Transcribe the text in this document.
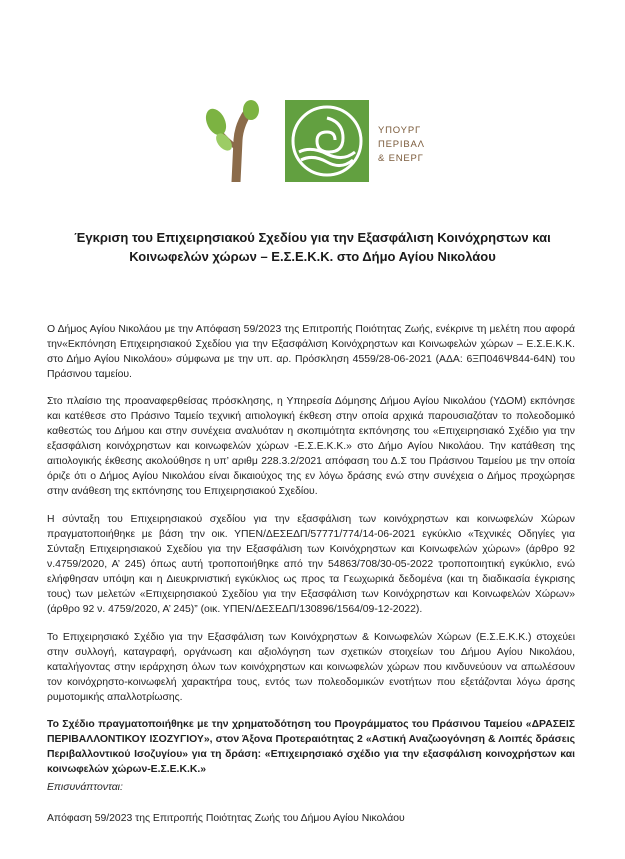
ΥΠΟΥΡΓ
ΠΕΡΙΒΑΛ
& ΕΝΕΡΓ
Έγκριση του Επιχειρησιακού Σχεδίου για την Εξασφάλιση Κοινόχρηστων και Κοινωφελών χώρων – Ε.Σ.Ε.Κ.Κ. στο Δήμο Αγίου Νικολάου
Ο Δήμος Αγίου Νικολάου με την Απόφαση 59/2023 της Επιτροπής Ποιότητας Ζωής, ενέκρινε τη μελέτη που αφορά την«Εκπόνηση Επιχειρησιακού Σχεδίου για την Εξασφάλιση Κοινόχρηστων και Κοινωφελών χώρων – Ε.Σ.Ε.Κ.Κ. στο Δήμο Αγίου Νικολάου» σύμφωνα με την υπ. αρ. Πρόσκληση 4559/28-06-2021 (ΑΔΑ: 6ΞΠ046Ψ844-64Ν) του Πράσινου ταμείου.
Στο πλαίσιο της προαναφερθείσας πρόσκλησης, η Υπηρεσία Δόμησης Δήμου Αγίου Νικολάου (ΥΔΟΜ) εκπόνησε και κατέθεσε στο Πράσινο Ταμείο τεχνική αιτιολογική έκθεση στην οποία αρχικά παρουσιαζόταν το πολεοδομικό καθεστώς του Δήμου και στην συνέχεια αναλυόταν η σκοπιμότητα εκπόνησης του «Επιχειρησιακό Σχέδιο για την εξασφάλιση κοινόχρηστων και κοινωφελών χώρων -Ε.Σ.Ε.Κ.Κ.» στο Δήμο Αγίου Νικολάου. Την κατάθεση της αιτιολογικής έκθεσης ακολούθησε η υπ’ αριθμ 228.3.2/2021 απόφαση του Δ.Σ του Πράσινου Ταμείου με την οποία όριζε ότι ο Δήμος Αγίου Νικολάου είναι δικαιούχος της εν λόγω δράσης ενώ στην συνέχεια ο Δήμος προχώρησε στην ανάθεση της εκπόνησης του Επιχειρησιακού Σχεδίου.
Η σύνταξη του Επιχειρησιακού σχεδίου για την εξασφάλιση των κοινόχρηστων και κοινωφελών Χώρων πραγματοποιήθηκε με βάση την οικ. ΥΠΕΝ/ΔΕΣΕΔΠ/57771/774/14-06-2021 εγκύκλιο «Τεχνικές Οδηγίες για Σύνταξη Επιχειρησιακού Σχεδίου για την Εξασφάλιση των Κοινόχρηστων και Κοινωφελών χώρων» (άρθρο 92 ν.4759/2020, Α’ 245) όπως αυτή τροποποιήθηκε από την 54863/708/30-05-2022 τροποποιητική εγκύκλιο, ενώ ελήφθησαν υπόψη και η Διευκρινιστική εγκύκλιος ως προς τα Γεωχωρικά δεδομένα (και τη διαδικασία έγκρισης τους) των μελετών «Επιχειρησιακού Σχεδίου για την Εξασφάλιση των Κοινόχρηστων και Κοινωφελών Χώρων» (άρθρο 92 ν. 4759/2020, Α’ 245)” (οικ. ΥΠΕΝ/ΔΕΣΕΔΠ/130896/1564/09-12-2022).
Το Επιχειρησιακό Σχέδιο για την Εξασφάλιση των Κοινόχρηστων & Κοινωφελών Χώρων (Ε.Σ.Ε.Κ.Κ.) στοχεύει στην συλλογή, καταγραφή, οργάνωση και αξιολόγηση των σχετικών στοιχείων του Δήμου Αγίου Νικολάου, καταλήγοντας στην ιεράρχηση όλων των κοινόχρηστων και κοινωφελών χώρων που κινδυνεύουν να απωλέσουν τον κοινόχρηστο-κοινωφελή χαρακτήρα τους, εντός των πολεοδομικών ενοτήτων που εξετάζονται λόγω άρσης ρυμοτομικής απαλλοτρίωσης.
Το Σχέδιο πραγματοποιήθηκε με την χρηματοδότηση του Προγράμματος του Πράσινου Ταμείου «ΔΡΑΣΕΙΣ ΠΕΡΙΒΑΛΛΟΝΤΙΚΟΥ ΙΣΟΖΥΓΙΟΥ», στον Άξονα Προτεραιότητας 2 «Αστική Αναζωογόνηση & Λοιπές δράσεις Περιβαλλοντικού Ισοζυγίου» για τη δράση: «Επιχειρησιακό σχέδιο για την εξασφάλιση κοινοχρήστων και κοινωφελών χώρων-Ε.Σ.Ε.Κ.Κ.»
Επισυνάπτονται:
Απόφαση 59/2023 της Επιτροπής Ποιότητας Ζωής του Δήμου Αγίου Νικολάου
